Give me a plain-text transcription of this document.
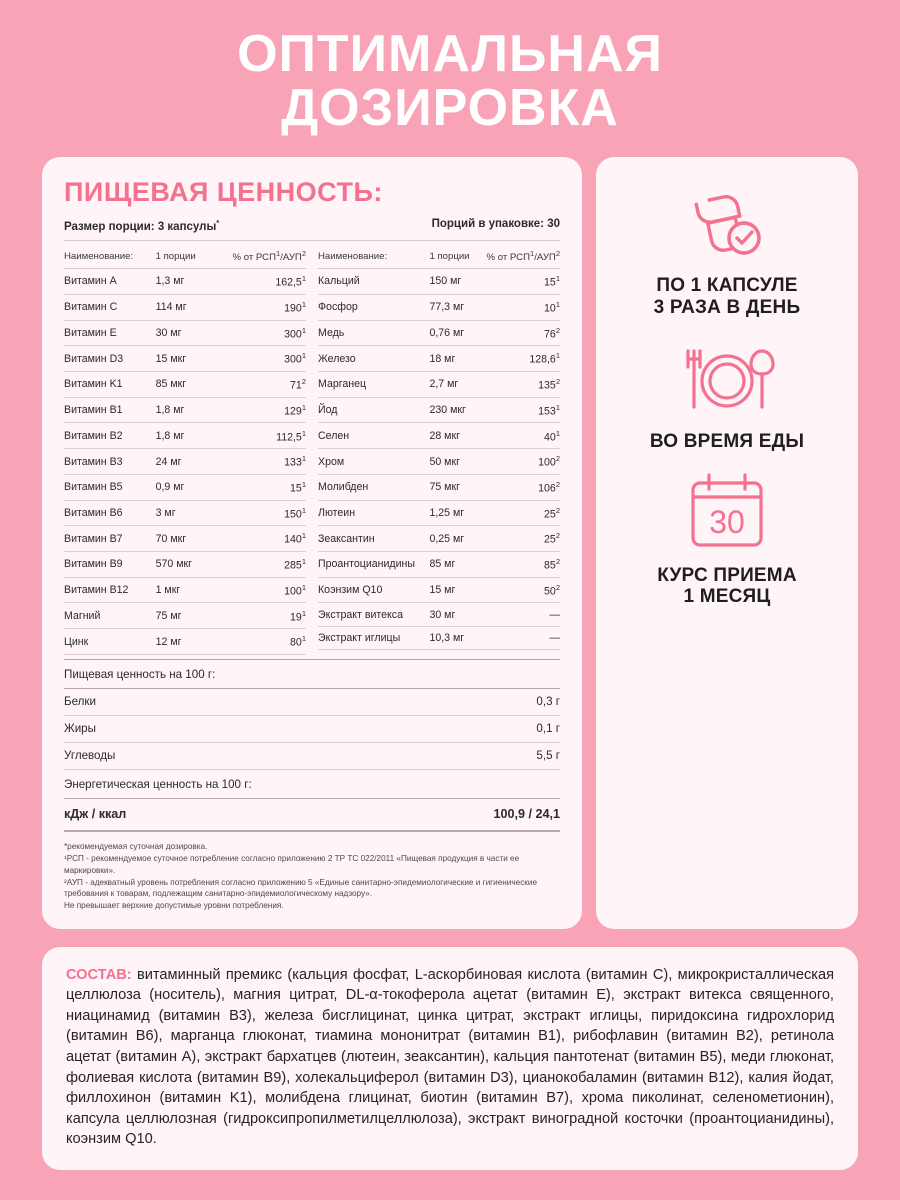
ОПТИМАЛЬНАЯ
ДОЗИРОВКА
ПИЩЕВАЯ ЦЕННОСТЬ:
Размер порции: 3 капсулы*	Порций в упаковке: 30
Наименование:	1 порции	% от РСП$^1$/АУП$^2$
Витамин A	1,3 мг	162,5$^1$
Витамин C	114 мг	$190^1$
Витамин E	30 мг	$300^1$
Витамин D3	15 мкг	$300^1$
Витамин K1	85 мкг	$71^2$
Витамин B1	1,8 мг	$129^1$
Витамин B2	1,8 мг	112,5$^1$
Витамин B3	24 мг	$133^1$
Витамин B5	0,9 мг	$15^1$
Витамин B6	3 мг	$150^1$
Витамин B7	70 мкг	$140^1$
Витамин B9	570 мкг	$285^1$
Витамин B12	1 мкг	$100^1$
Магний	75 мг	$19^1$
Цинк	12 мг	$80^1$
Наименование:	1 порции	% от РСП$^1$/АУП$^2$
Кальций	150 мг	$15^1$
Фосфор	77,3 мг	$10^1$
Медь	0,76 мг	$76^2$
Железо	18 мг	128,6$^1$
Марганец	2,7 мг	$135^2$
Йод	230 мкг	$153^1$
Селен	28 мкг	$40^1$
Хром	50 мкг	$100^2$
Молибден	75 мкг	$106^2$
Лютеин	1,25 мг	$25^2$
Зеаксантин	0,25 мг	$25^2$
Проантоцианидины	85 мг	$85^2$
Коэнзим Q10	15 мг	$50^2$
Экстракт витекса	30 мг	—
Экстракт иглицы	10,3 мг	—
Пищевая ценность на 100 г:
Белки	0,3 г
Жиры	0,1 г
Углеводы	5,5 г
Энергетическая ценность на 100 г:
кДж / ккал	100,9 / 24,1

*рекомендуемая суточная дозировка.

¹РСП - рекомендуемое суточное потребление согласно приложению 2 ТР ТС 022/2011 «Пищевая продукция в части ее маркировки».

²АУП - адекватный уровень потребления согласно приложению 5 «Единые санитарно-эпидемиологические и гигиенические требования к товарам, подлежащим санитарно-эпидемиологическому надзору».

Не превышает верхние допустимые уровни потребления.

ПО 1 КАПСУЛЕ
3 РАЗА В ДЕНЬ
ВО ВРЕМЯ ЕДЫ
30
КУРС ПРИЕМА
1 МЕСЯЦ

СОСТАВ: витаминный премикс (кальция фосфат, L-аскорбиновая кислота (витамин C), микрокристаллическая целлюлоза (носитель), магния цитрат, DL-α-токоферола ацетат (витамин E), экстракт витекса священного, ниацинамид (витамин B3), железа бисглицинат, цинка цитрат, экстракт иглицы, пиридоксина гидрохлорид (витамин B6), марганца глюконат, тиамина мононитрат (витамин B1), рибофлавин (витамин B2), ретинола ацетат (витамин A), экстракт бархатцев (лютеин, зеаксантин), кальция пантотенат (витамин B5), меди глюконат, фолиевая кислота (витамин B9), холекальциферол (витамин D3), цианокобаламин (витамин B12), калия йодат, филлохинон (витамин K1), молибдена глицинат, биотин (витамин B7), хрома пиколинат, селенометионин), капсула целлюлозная (гидроксипропилметилцеллюлоза), экстракт виноградной косточки (проантоцианидины), коэнзим Q10.
